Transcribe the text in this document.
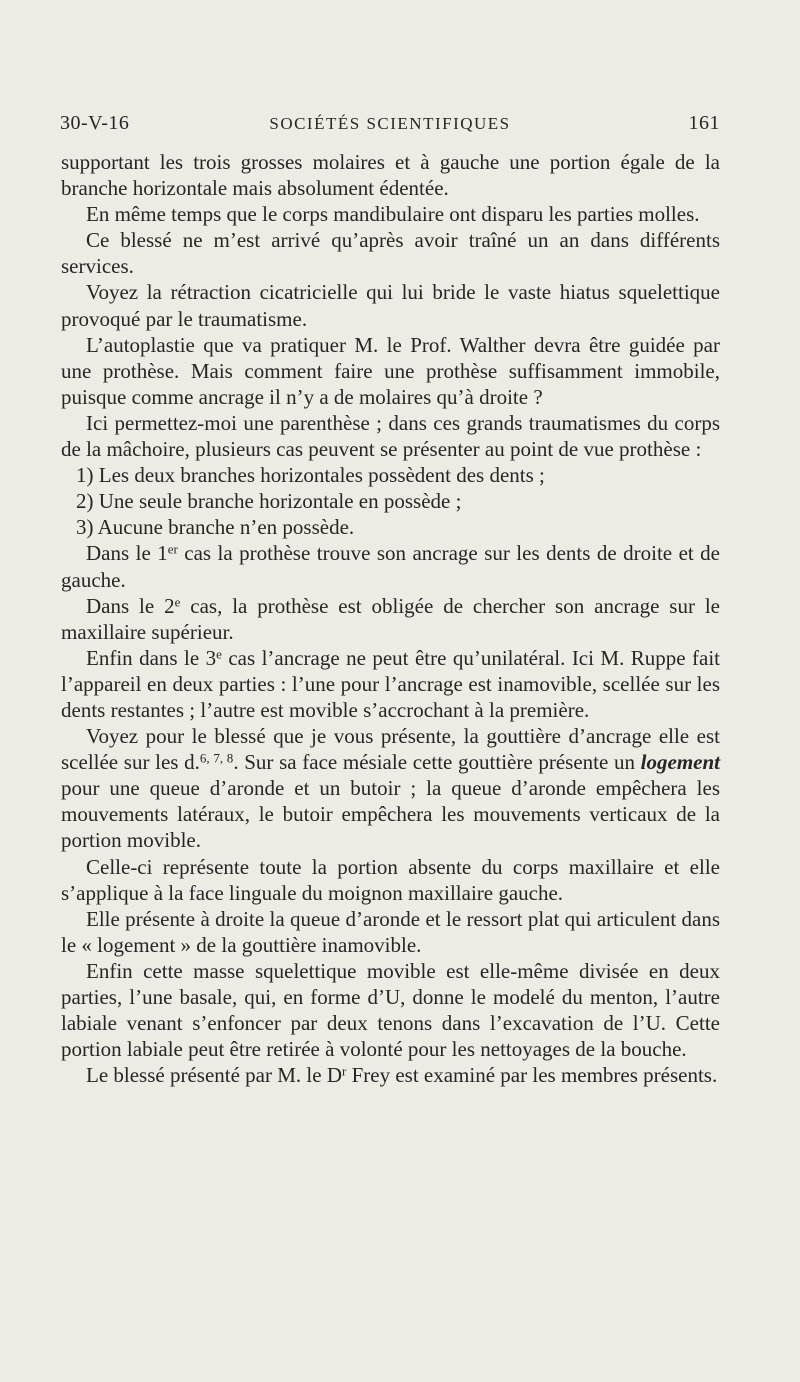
30-V-16	SOCIÉTÉS SCIENTIFIQUES	161

supportant les trois grosses molaires et à gauche une portion égale de la branche horizontale mais absolument édentée.

En même temps que le corps mandibulaire ont disparu les parties molles.

Ce blessé ne m’est arrivé qu’après avoir traîné un an dans différents services.

Voyez la rétraction cicatricielle qui lui bride le vaste hiatus squelettique provoqué par le traumatisme.

L’autoplastie que va pratiquer M. le Prof. Walther devra être guidée par une prothèse. Mais comment faire une prothèse suffisamment immobile, puisque comme ancrage il n’y a de molaires qu’à droite ?

Ici permettez-moi une parenthèse ; dans ces grands traumatismes du corps de la mâchoire, plusieurs cas peuvent se présenter au point de vue prothèse :

1) Les deux branches horizontales possèdent des dents ;

2) Une seule branche horizontale en possède ;

3) Aucune branche n’en possède.

Dans le 1er cas la prothèse trouve son ancrage sur les dents de droite et de gauche.

Dans le 2e cas, la prothèse est obligée de chercher son ancrage sur le maxillaire supérieur.

Enfin dans le 3e cas l’ancrage ne peut être qu’unilatéral. Ici M. Ruppe fait l’appareil en deux parties : l’une pour l’ancrage est inamovible, scellée sur les dents restantes ; l’autre est movible s’accrochant à la première.

Voyez pour le blessé que je vous présente, la gouttière d’ancrage elle est scellée sur les d.$^{6, 7, 8}$. Sur sa face mésiale cette gouttière présente un logement pour une queue d’aronde et un butoir ; la queue d’aronde empêchera les mouvements latéraux, le butoir empêchera les mouvements verticaux de la portion movible.

Celle-ci représente toute la portion absente du corps maxillaire et elle s’applique à la face linguale du moignon maxillaire gauche.

Elle présente à droite la queue d’aronde et le ressort plat qui articulent dans le « logement » de la gouttière inamovible.

Enfin cette masse squelettique movible est elle-même divisée en deux parties, l’une basale, qui, en forme d’U, donne le modelé du menton, l’autre labiale venant s’enfoncer par deux tenons dans l’excavation de l’U. Cette portion labiale peut être retirée à volonté pour les nettoyages de la bouche.

Le blessé présenté par M. le $D^r$ Frey est examiné par les membres présents.
